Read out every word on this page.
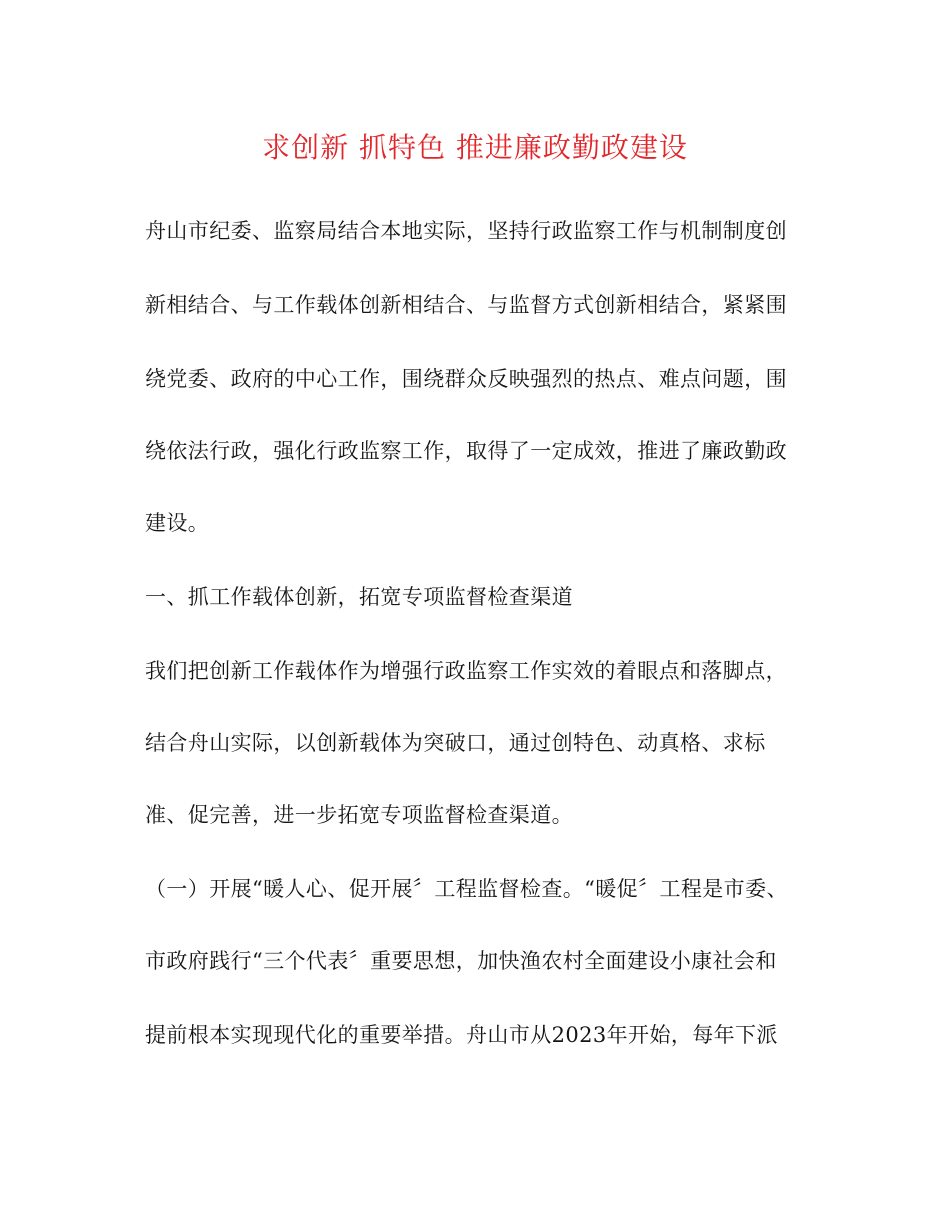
求创新 抓特色 推进廉政勤政建设
舟山市纪委、监察局结合本地实际，坚持行政监察工作与机制制度创
新相结合、与工作载体创新相结合、与监督方式创新相结合，紧紧围
绕党委、政府的中心工作，围绕群众反映强烈的热点、难点问题，围
绕依法行政，强化行政监察工作，取得了一定成效，推进了廉政勤政
建设。
一、抓工作载体创新，拓宽专项监督检查渠道
我们把创新工作载体作为增强行政监察工作实效的着眼点和落脚点，
结合舟山实际，以创新载体为突破口，通过创特色、动真格、求标
准、促完善，进一步拓宽专项监督检查渠道。
（一）开展“暖人心、促开展〞工程监督检查。“暖促〞工程是市委、
市政府践行“三个代表〞重要思想，加快渔农村全面建设小康社会和
提前根本实现现代化的重要举措。舟山市从2023年开始，每年下派
